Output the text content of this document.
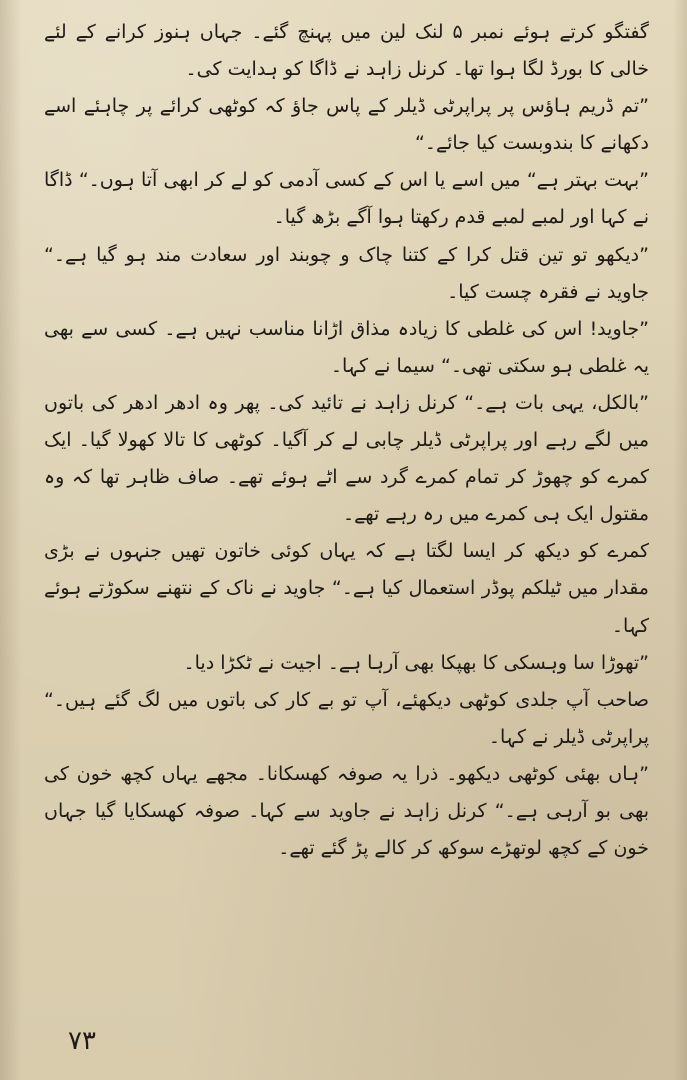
گفتگو کرتے ہوئے نمبر ۵ لنک لین میں پہنچ گئے۔ جہاں ہنوز کرانے کے لئے خالی کا بورڈ لگا ہوا تھا۔ کرنل زاہد نے ڈاگا کو ہدایت کی۔

”تم ڈریم ہاؤس پر پراپرٹی ڈیلر کے پاس جاؤ کہ کوٹھی کرائے پر چاہئے اسے دکھانے کا بندوبست کیا جائے۔“

”بہت بہتر ہے“ میں اسے یا اس کے کسی آدمی کو لے کر ابھی آتا ہوں۔“ ڈاگا نے کہا اور لمبے لمبے قدم رکھتا ہوا آگے بڑھ گیا۔

”دیکھو تو تین قتل کرا کے کتنا چاک و چوبند اور سعادت مند ہو گیا ہے۔“ جاوید نے فقرہ چست کیا۔

”جاوید! اس کی غلطی کا زیادہ مذاق اڑانا مناسب نہیں ہے۔ کسی سے بھی یہ غلطی ہو سکتی تھی۔“ سیما نے کہا۔

”بالکل، یہی بات ہے۔“ کرنل زاہد نے تائید کی۔ پھر وہ ادھر ادھر کی باتوں میں لگے رہے اور پراپرٹی ڈیلر چابی لے کر آگیا۔ کوٹھی کا تالا کھولا گیا۔ ایک کمرے کو چھوڑ کر تمام کمرے گرد سے اٹے ہوئے تھے۔ صاف ظاہر تھا کہ وہ مقتول ایک ہی کمرے میں رہ رہے تھے۔

کمرے کو دیکھ کر ایسا لگتا ہے کہ یہاں کوئی خاتون تھیں جنہوں نے بڑی مقدار میں ٹیلکم پوڈر استعمال کیا ہے۔“ جاوید نے ناک کے نتھنے سکوڑتے ہوئے کہا۔

”تھوڑا سا وہسکی کا بھپکا بھی آرہا ہے۔ اجیت نے ٹکڑا دیا۔

صاحب آپ جلدی کوٹھی دیکھئے، آپ تو بے کار کی باتوں میں لگ گئے ہیں۔“ پراپرٹی ڈیلر نے کہا۔

”ہاں بھئی کوٹھی دیکھو۔ ذرا یہ صوفہ کھسکانا۔ مجھے یہاں کچھ خون کی بھی بو آرہی ہے۔“ کرنل زاہد نے جاوید سے کہا۔ صوفہ کھسکایا گیا جہاں خون کے کچھ لوتھڑے سوکھ کر کالے پڑ گئے تھے۔

۷۳
